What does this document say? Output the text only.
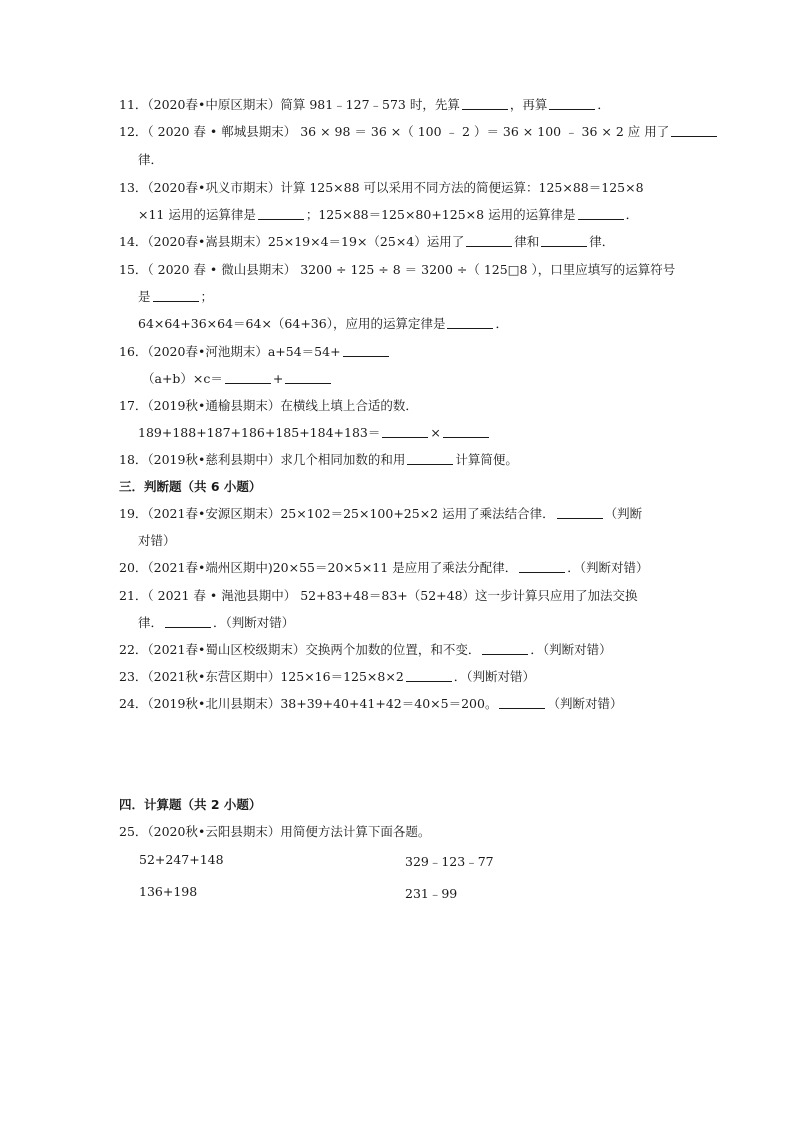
11．（2020春•中原区期末）简算 981﹣127﹣573 时，先算	，再算	．
12．（ 2020 春 • 郸城县期末） 36 × 98 ＝ 36 ×（ 100 ﹣ 2 ）＝ 36 × 100 ﹣ 36 × 2 应 用了
律．
13．（2020春•巩义市期末）计算 125×88 可以采用不同方法的简便运算：125×88＝125×8
×11 运用的运算律是	；125×88＝125×80+125×8 运用的运算律是	．
14．（2020春•嵩县期末）25×19×4＝19×（25×4）运用了	律和	律．
15．（ 2020 春 • 微山县期末） 3200 ÷ 125 ÷ 8 ＝ 3200 ÷（ 125□8 ），口里应填写的运算符号
是	；
64×64+36×64＝64×（64+36），应用的运算定律是	．
16．（2020春•河池期末）a+54＝54+
（a+b）×c＝	+
17．（2019秋•通榆县期末）在横线上填上合适的数．
189+188+187+186+185+184+183＝	×
18．（2019秋•慈利县期中）求几个相同加数的和用	计算简便。
三．判断题（共 6 小题）
19．（2021春•安源区期末）25×102＝25×100+25×2 运用了乘法结合律．	（判断
对错）
20．（2021春•端州区期中)20×55＝20×5×11 是应用了乘法分配律．	．（判断对错）
21．（ 2021 春 • 渑池县期中） 52+83+48＝83+（52+48）这一步计算只应用了加法交换
律．	．（判断对错）
22．（2021春•蜀山区校级期末）交换两个加数的位置，和不变．	．（判断对错）
23．（2021秋•东营区期中）125×16＝125×8×2	．（判断对错）
24．（2019秋•北川县期末）38+39+40+41+42＝40×5＝200。	（判断对错）
四．计算题（共 2 小题）
25．（2020秋•云阳县期末）用简便方法计算下面各题。
52+247+148	329﹣123﹣77
136+198	231﹣99
